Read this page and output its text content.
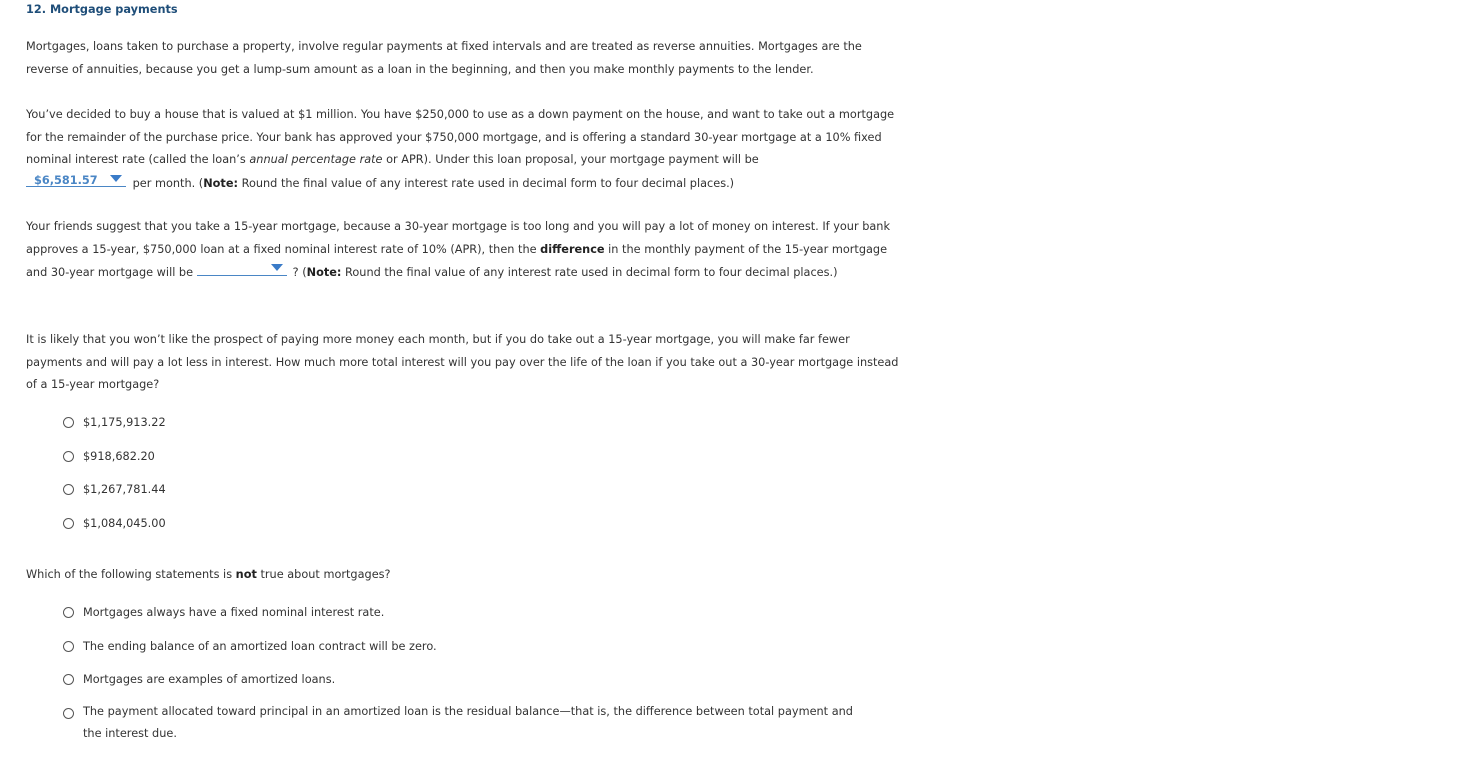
12. Mortgage payments

Mortgages, loans taken to purchase a property, involve regular payments at fixed intervals and are treated as reverse annuities. Mortgages are the reverse of annuities, because you get a lump-sum amount as a loan in the beginning, and then you make monthly payments to the lender.

You’ve decided to buy a house that is valued at $1 million. You have $250,000 to use as a down payment on the house, and want to take out a mortgage for the remainder of the purchase price. Your bank has approved your $750,000 mortgage, and is offering a standard 30-year mortgage at a 10% fixed nominal interest rate (called the loan’s annual percentage rate or APR). Under this loan proposal, your mortgage payment will be

$6,581.57	per month. (Note: Round the final value of any interest rate used in decimal form to four decimal places.)

Your friends suggest that you take a 15-year mortgage, because a 30-year mortgage is too long and you will pay a lot of money on interest. If your bank approves a 15-year, $750,000 loan at a fixed nominal interest rate of 10% (APR), then the difference in the monthly payment of the 15-year mortgage and 30-year mortgage will be	? (Note: Round the final value of any interest rate used in decimal form to four decimal places.)

It is likely that you won’t like the prospect of paying more money each month, but if you do take out a 15-year mortgage, you will make far fewer payments and will pay a lot less in interest. How much more total interest will you pay over the life of the loan if you take out a 30-year mortgage instead of a 15-year mortgage?

$1,175,913.22
$918,682.20
$1,267,781.44
$1,084,045.00

Which of the following statements is not true about mortgages?

Mortgages always have a fixed nominal interest rate.
The ending balance of an amortized loan contract will be zero.
Mortgages are examples of amortized loans.
The payment allocated toward principal in an amortized loan is the residual balance—that is, the difference between total payment and the interest due.
